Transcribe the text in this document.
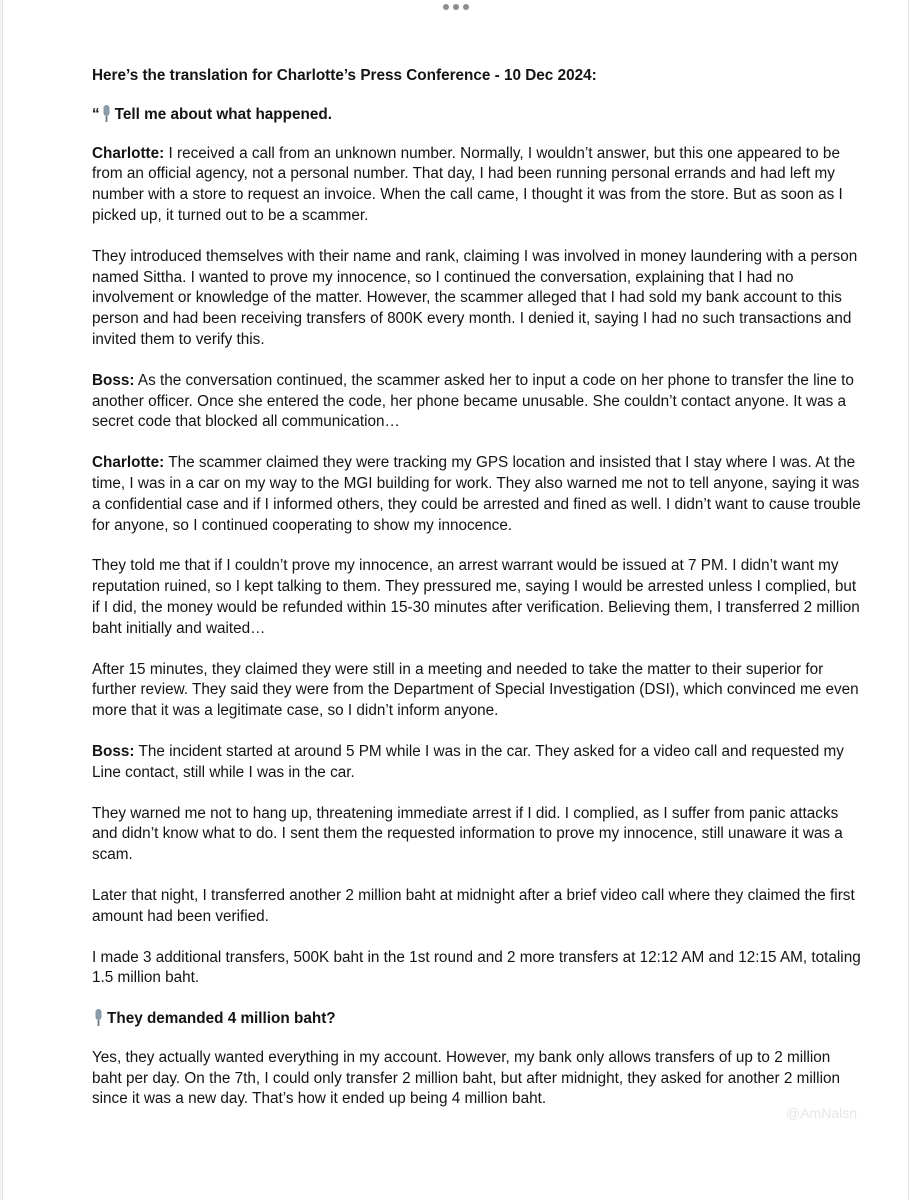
Here’s the translation for Charlotte’s Press Conference - 10 Dec 2024:

“ Tell me about what happened.

Charlotte: I received a call from an unknown number. Normally, I wouldn’t answer, but this one appeared to be from an official agency, not a personal number. That day, I had been running personal errands and had left my number with a store to request an invoice. When the call came, I thought it was from the store. But as soon as I picked up, it turned out to be a scammer.

They introduced themselves with their name and rank, claiming I was involved in money laundering with a person named Sittha. I wanted to prove my innocence, so I continued the conversation, explaining that I had no involvement or knowledge of the matter. However, the scammer alleged that I had sold my bank account to this person and had been receiving transfers of 800K every month. I denied it, saying I had no such transactions and invited them to verify this.

Boss: As the conversation continued, the scammer asked her to input a code on her phone to transfer the line to another officer. Once she entered the code, her phone became unusable. She couldn’t contact anyone. It was a secret code that blocked all communication…

Charlotte: The scammer claimed they were tracking my GPS location and insisted that I stay where I was. At the time, I was in a car on my way to the MGI building for work. They also warned me not to tell anyone, saying it was a confidential case and if I informed others, they could be arrested and fined as well. I didn’t want to cause trouble for anyone, so I continued cooperating to show my innocence.

They told me that if I couldn’t prove my innocence, an arrest warrant would be issued at 7 PM. I didn’t want my reputation ruined, so I kept talking to them. They pressured me, saying I would be arrested unless I complied, but if I did, the money would be refunded within 15-30 minutes after verification. Believing them, I transferred 2 million baht initially and waited…

After 15 minutes, they claimed they were still in a meeting and needed to take the matter to their superior for further review. They said they were from the Department of Special Investigation (DSI), which convinced me even more that it was a legitimate case, so I didn’t inform anyone.

Boss: The incident started at around 5 PM while I was in the car. They asked for a video call and requested my Line contact, still while I was in the car.

They warned me not to hang up, threatening immediate arrest if I did. I complied, as I suffer from panic attacks and didn’t know what to do. I sent them the requested information to prove my innocence, still unaware it was a scam.

Later that night, I transferred another 2 million baht at midnight after a brief video call where they claimed the first amount had been verified.

I made 3 additional transfers, 500K baht in the 1st round and 2 more transfers at 12:12 AM and 12:15 AM, totaling 1.5 million baht.

They demanded 4 million baht?

Yes, they actually wanted everything in my account. However, my bank only allows transfers of up to 2 million baht per day. On the 7th, I could only transfer 2 million baht, but after midnight, they asked for another 2 million since it was a new day. That’s how it ended up being 4 million baht.

@AmNalsn
